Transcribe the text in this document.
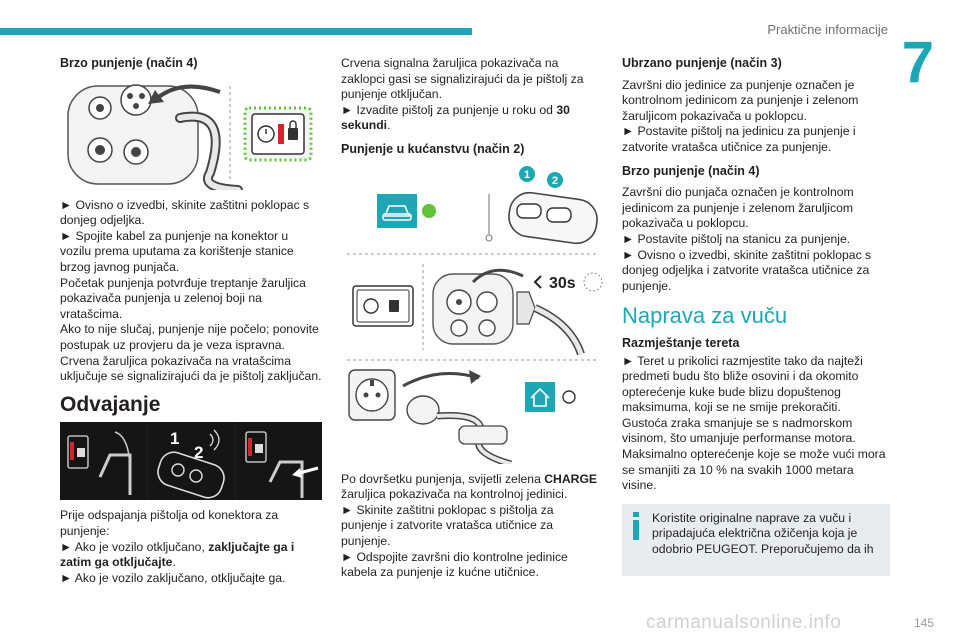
Praktične informacije
7
Brzo punjenje (način 4)

► Ovisno o izvedbi, skinite zaštitni poklopac s donjeg odjeljka.

► Spojite kabel za punjenje na konektor u vozilu prema uputama za korištenje stanice brzog javnog punjača.

Početak punjenja potvrđuje treptanje žaruljica pokazivača punjenja u zelenoj boji na vratašcima.

Ako to nije slučaj, punjenje nije počelo; ponovite postupak uz provjeru da je veza ispravna.

Crvena žaruljica pokazivača na vratašcima uključuje se signalizirajući da je pištolj zaključan.

Odvajanje
1
2

Prije odspajanja pištolja od konektora za punjenje:

► Ako je vozilo otključano, zaključajte ga i zatim ga otključajte.

► Ako je vozilo zaključano, otključajte ga.

Crvena signalna žaruljica pokazivača na zaklopci gasi se signalizirajući da je pištolj za punjenje otključan.

► Izvadite pištolj za punjenje u roku od 30 sekundi.

Punjenje u kućanstvu (način 2)
1 2
30s

Po dovršetku punjenja, svijetli zelena CHARGE žaruljica pokazivača na kontrolnoj jedinici.

► Skinite zaštitni poklopac s pištolja za punjenje i zatvorite vratašca utičnice za punjenje.

► Odspojite završni dio kontrolne jedinice kabela za punjenje iz kućne utičnice.

Ubrzano punjenje (način 3)

Završni dio jedinice za punjenje označen je kontrolnom jedinicom za punjenje i zelenom žaruljicom pokazivača u poklopcu.

► Postavite pištolj na jedinicu za punjenje i zatvorite vratašca utičnice za punjenje.

Brzo punjenje (način 4)

Završni dio punjača označen je kontrolnom jedinicom za punjenje i zelenom žaruljicom pokazivača u poklopcu.

► Postavite pištolj na stanicu za punjenje.

► Ovisno o izvedbi, skinite zaštitni poklopac s donjeg odjeljka i zatvorite vratašca utičnice za punjenje.

Naprava za vuču
Razmještanje tereta

► Teret u prikolici razmjestite tako da najteži predmeti budu što bliže osovini i da okomito opterećenje kuke bude blizu dopuštenog maksimuma, koji se ne smije prekoračiti.

Gustoća zraka smanjuje se s nadmorskom visinom, što umanjuje performanse motora. Maksimalno opterećenje koje se može vući mora se smanjiti za 10 % na svakih 1000 metara visine.

Koristite originalne naprave za vuču i pripadajuća električna ožičenja koja je odobrio PEUGEOT. Preporučujemo da ih

carmanualsonline.info	145
